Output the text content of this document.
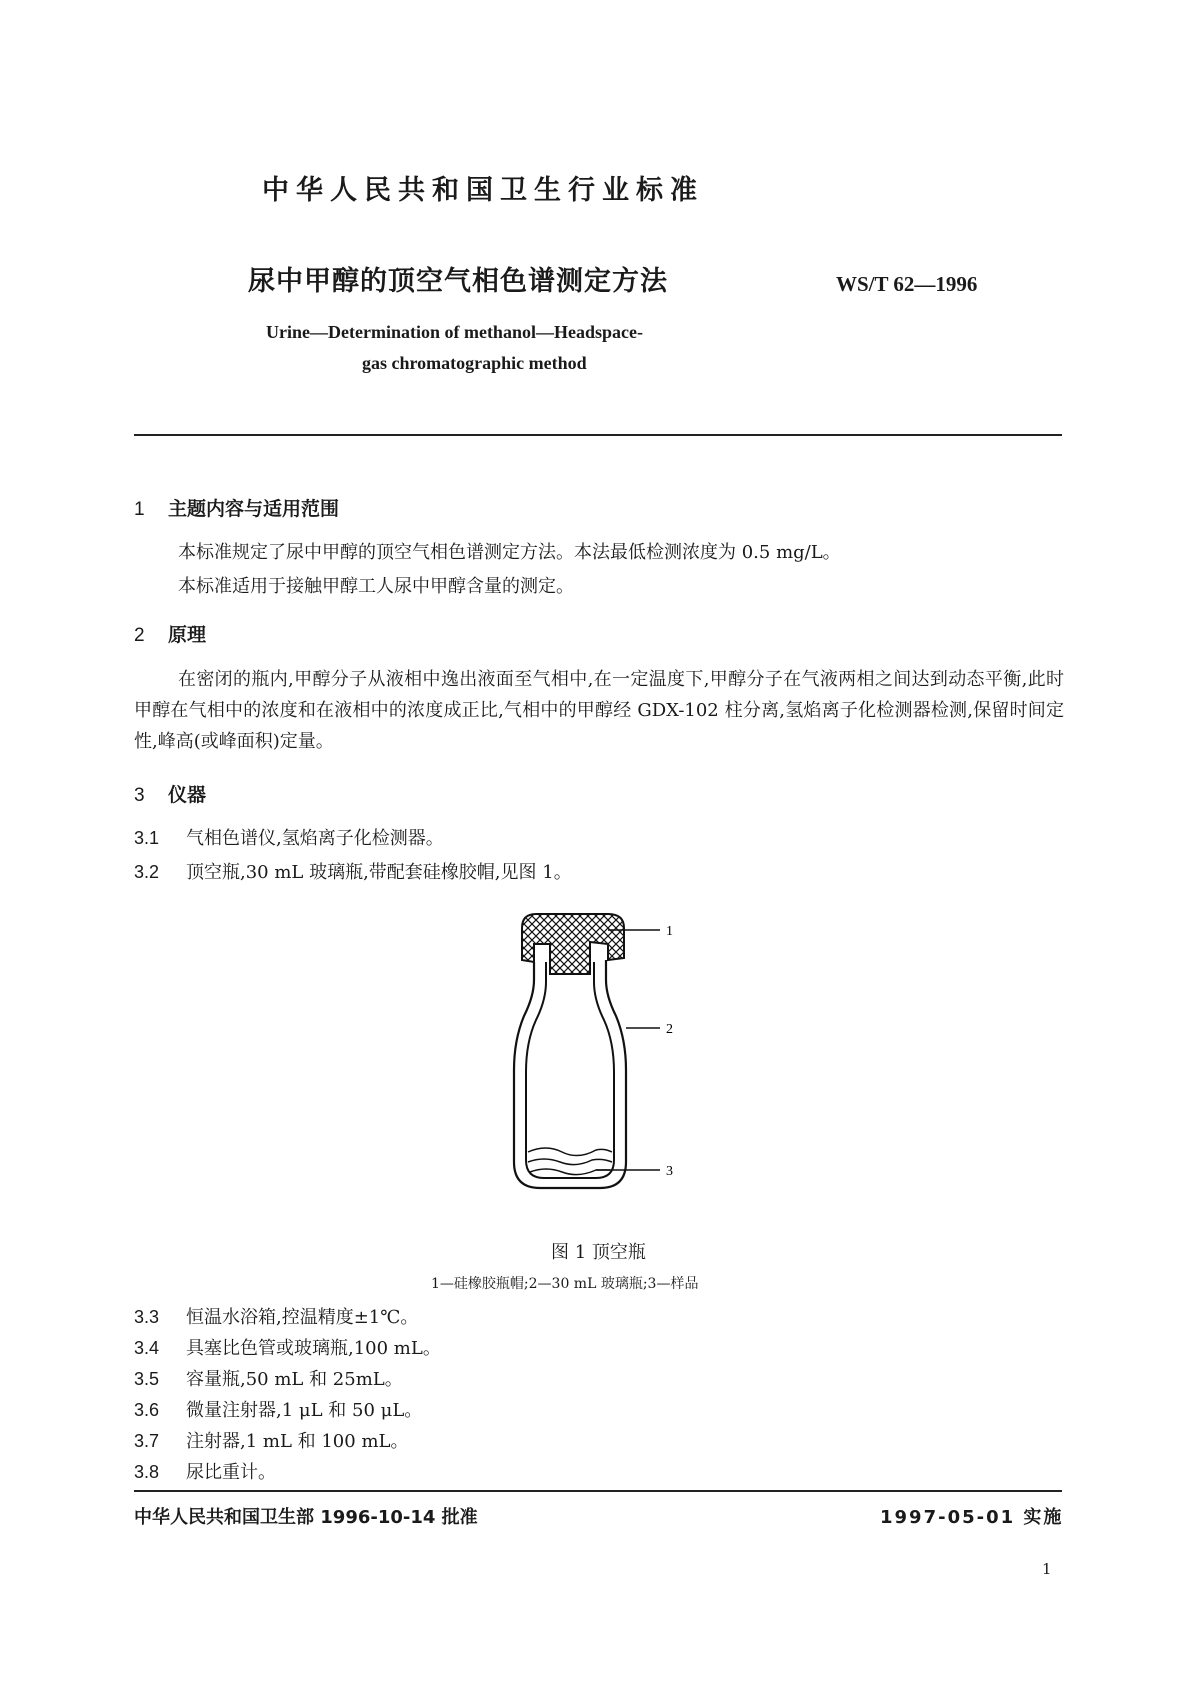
中华人民共和国卫生行业标准
尿中甲醇的顶空气相色谱测定方法	WS/T 62—1996
Urine—Determination of methanol—Headspace-
gas chromatographic method
1 主题内容与适用范围
本标准规定了尿中甲醇的顶空气相色谱测定方法。本法最低检测浓度为 0.5 mg/L。
本标准适用于接触甲醇工人尿中甲醇含量的测定。
2 原理
在密闭的瓶内,甲醇分子从液相中逸出液面至气相中,在一定温度下,甲醇分子在气液两相之间达到动态平衡,此时甲醇在气相中的浓度和在液相中的浓度成正比,气相中的甲醇经 GDX-102 柱分离,氢焰离子化检测器检测,保留时间定性,峰高(或峰面积)定量。
3 仪器
3.1 气相色谱仪,氢焰离子化检测器。
3.2 顶空瓶,30 mL 玻璃瓶,带配套硅橡胶帽,见图 1。
1
2
3
图 1 顶空瓶
1—硅橡胶瓶帽;2—30 mL 玻璃瓶;3—样品
3.3 恒温水浴箱,控温精度±1℃。
3.4 具塞比色管或玻璃瓶,100 mL。
3.5 容量瓶,50 mL 和 25mL。
3.6 微量注射器,1 μL 和 50 μL。
3.7 注射器,1 mL 和 100 mL。
3.8 尿比重计。
中华人民共和国卫生部 1996-10-14 批准	1997-05-01 实施
1
